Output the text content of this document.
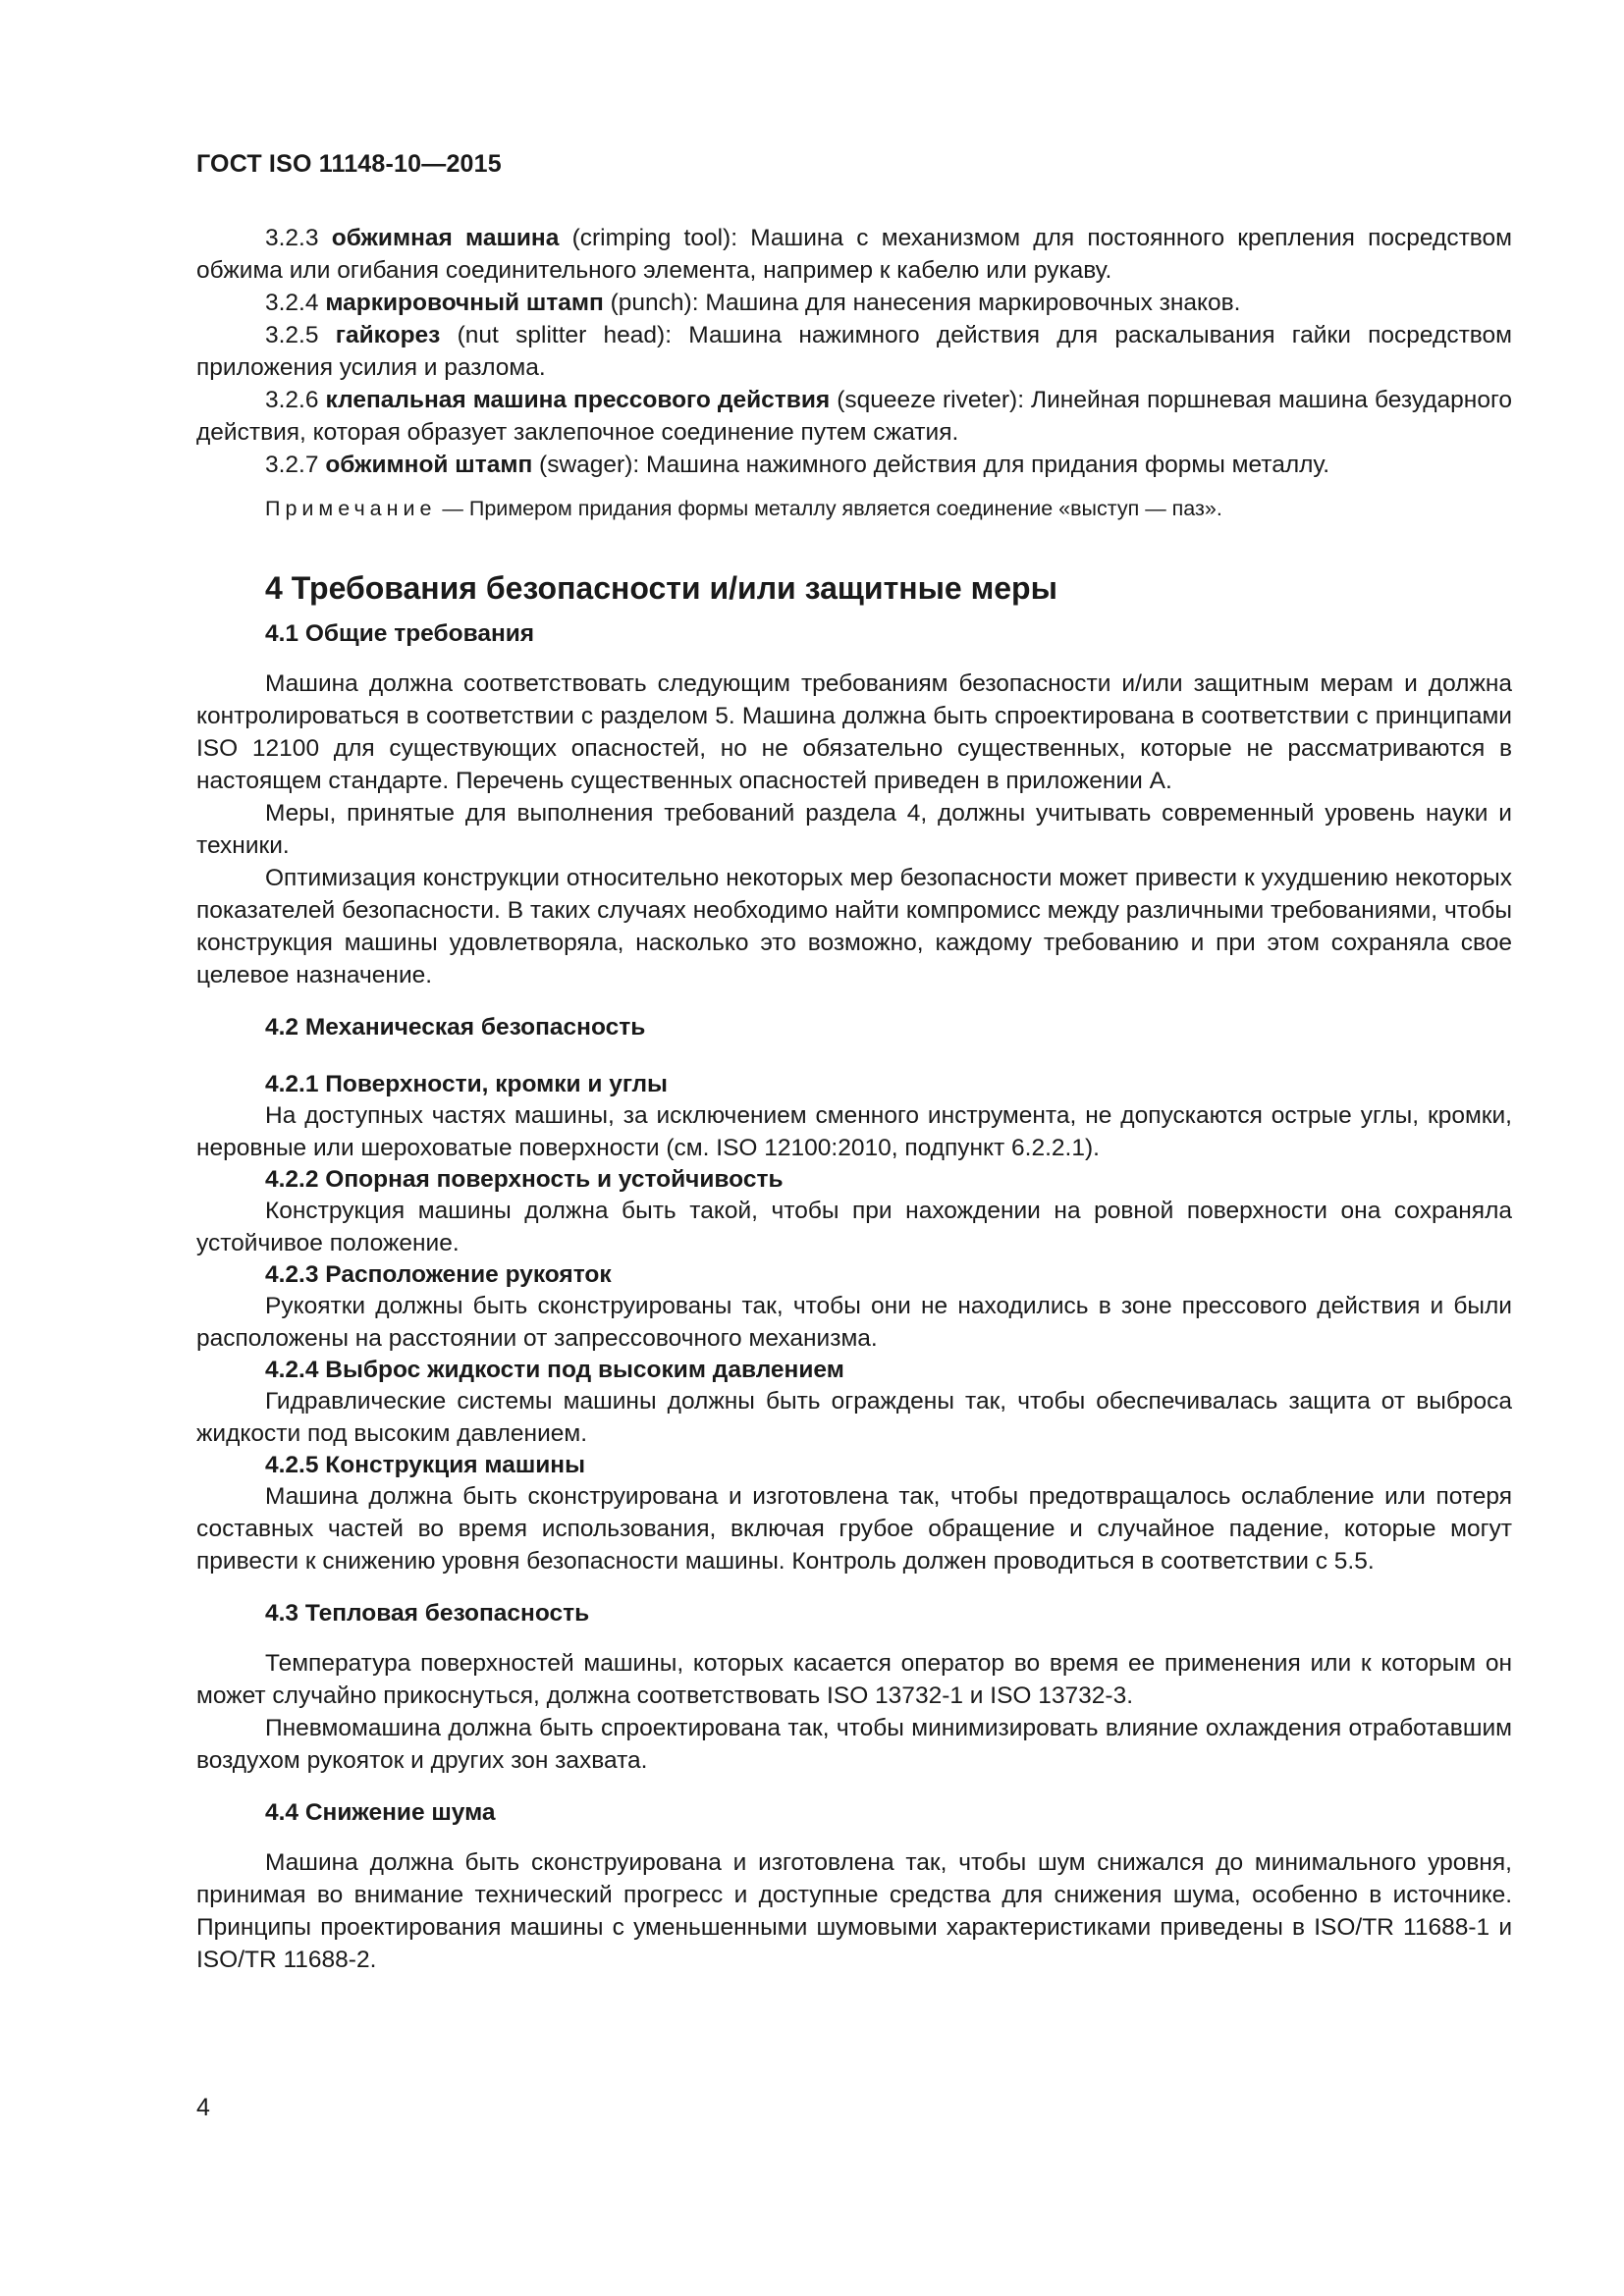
ГОСТ ISO 11148-10—2015

3.2.3 обжимная машина (crimping tool): Машина с механизмом для постоянного крепления посредством обжима или огибания соединительного элемента, например к кабелю или рукаву.

3.2.4 маркировочный штамп (punch): Машина для нанесения маркировочных знаков.

3.2.5 гайкорез (nut splitter head): Машина нажимного действия для раскалывания гайки посредством приложения усилия и разлома.

3.2.6 клепальная машина прессового действия (squeeze riveter): Линейная поршневая машина безударного действия, которая образует заклепочное соединение путем сжатия.

3.2.7 обжимной штамп (swager): Машина нажимного действия для придания формы металлу.

Примечание — Примером придания формы металлу является соединение «выступ — паз».

4 Требования безопасности и/или защитные меры
4.1 Общие требования

Машина должна соответствовать следующим требованиям безопасности и/или защитным мерам и должна контролироваться в соответствии с разделом 5. Машина должна быть спроектирована в соответствии с принципами ISO 12100 для существующих опасностей, но не обязательно существенных, которые не рассматриваются в настоящем стандарте. Перечень существенных опасностей приведен в приложении А.

Меры, принятые для выполнения требований раздела 4, должны учитывать современный уровень науки и техники.

Оптимизация конструкции относительно некоторых мер безопасности может привести к ухудшению некоторых показателей безопасности. В таких случаях необходимо найти компромисс между различными требованиями, чтобы конструкция машины удовлетворяла, насколько это возможно, каждому требованию и при этом сохраняла свое целевое назначение.

4.2 Механическая безопасность
4.2.1 Поверхности, кромки и углы

На доступных частях машины, за исключением сменного инструмента, не допускаются острые углы, кромки, неровные или шероховатые поверхности (см. ISO 12100:2010, подпункт 6.2.2.1).

4.2.2 Опорная поверхность и устойчивость

Конструкция машины должна быть такой, чтобы при нахождении на ровной поверхности она сохраняла устойчивое положение.

4.2.3 Расположение рукояток

Рукоятки должны быть сконструированы так, чтобы они не находились в зоне прессового действия и были расположены на расстоянии от запрессовочного механизма.

4.2.4 Выброс жидкости под высоким давлением

Гидравлические системы машины должны быть ограждены так, чтобы обеспечивалась защита от выброса жидкости под высоким давлением.

4.2.5 Конструкция машины

Машина должна быть сконструирована и изготовлена так, чтобы предотвращалось ослабление или потеря составных частей во время использования, включая грубое обращение и случайное падение, которые могут привести к снижению уровня безопасности машины. Контроль должен проводиться в соответствии с 5.5.

4.3 Тепловая безопасность

Температура поверхностей машины, которых касается оператор во время ее применения или к которым он может случайно прикоснуться, должна соответствовать ISO 13732-1 и ISO 13732-3.

Пневмомашина должна быть спроектирована так, чтобы минимизировать влияние охлаждения отработавшим воздухом рукояток и других зон захвата.

4.4 Снижение шума

Машина должна быть сконструирована и изготовлена так, чтобы шум снижался до минимального уровня, принимая во внимание технический прогресс и доступные средства для снижения шума, особенно в источнике. Принципы проектирования машины с уменьшенными шумовыми характеристиками приведены в ISO/TR 11688-1 и ISO/TR 11688-2.

4
